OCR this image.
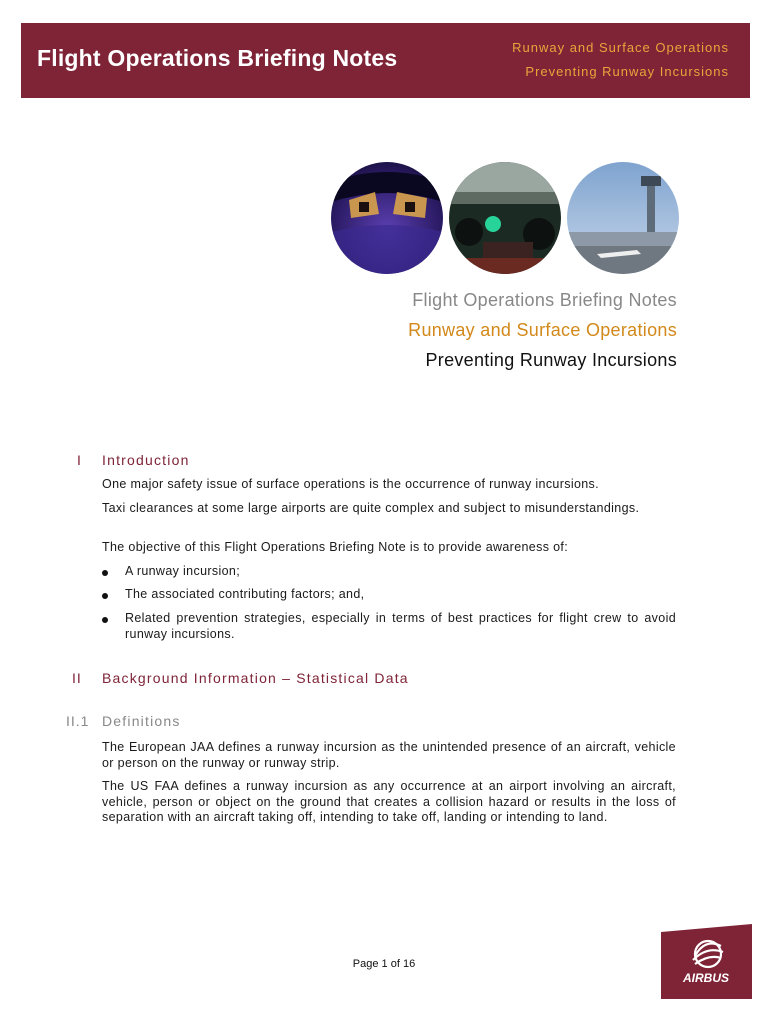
Flight Operations Briefing Notes	Runway and Surface Operations
Preventing Runway Incursions
Flight Operations Briefing Notes
Runway and Surface Operations
Preventing Runway Incursions
I Introduction
One major safety issue of surface operations is the occurrence of runway incursions.
Taxi clearances at some large airports are quite complex and subject to misunderstandings.
The objective of this Flight Operations Briefing Note is to provide awareness of:
A runway incursion;
The associated contributing factors; and,
Related prevention strategies, especially in terms of best practices for flight crew to avoid runway incursions.
II Background Information – Statistical Data
II.1 Definitions
The European JAA defines a runway incursion as the unintended presence of an aircraft, vehicle or person on the runway or runway strip.
The US FAA defines a runway incursion as any occurrence at an airport involving an aircraft, vehicle, person or object on the ground that creates a collision hazard or results in the loss of separation with an aircraft taking off, intending to take off, landing or intending to land.
Page 1 of 16
AIRBUS
